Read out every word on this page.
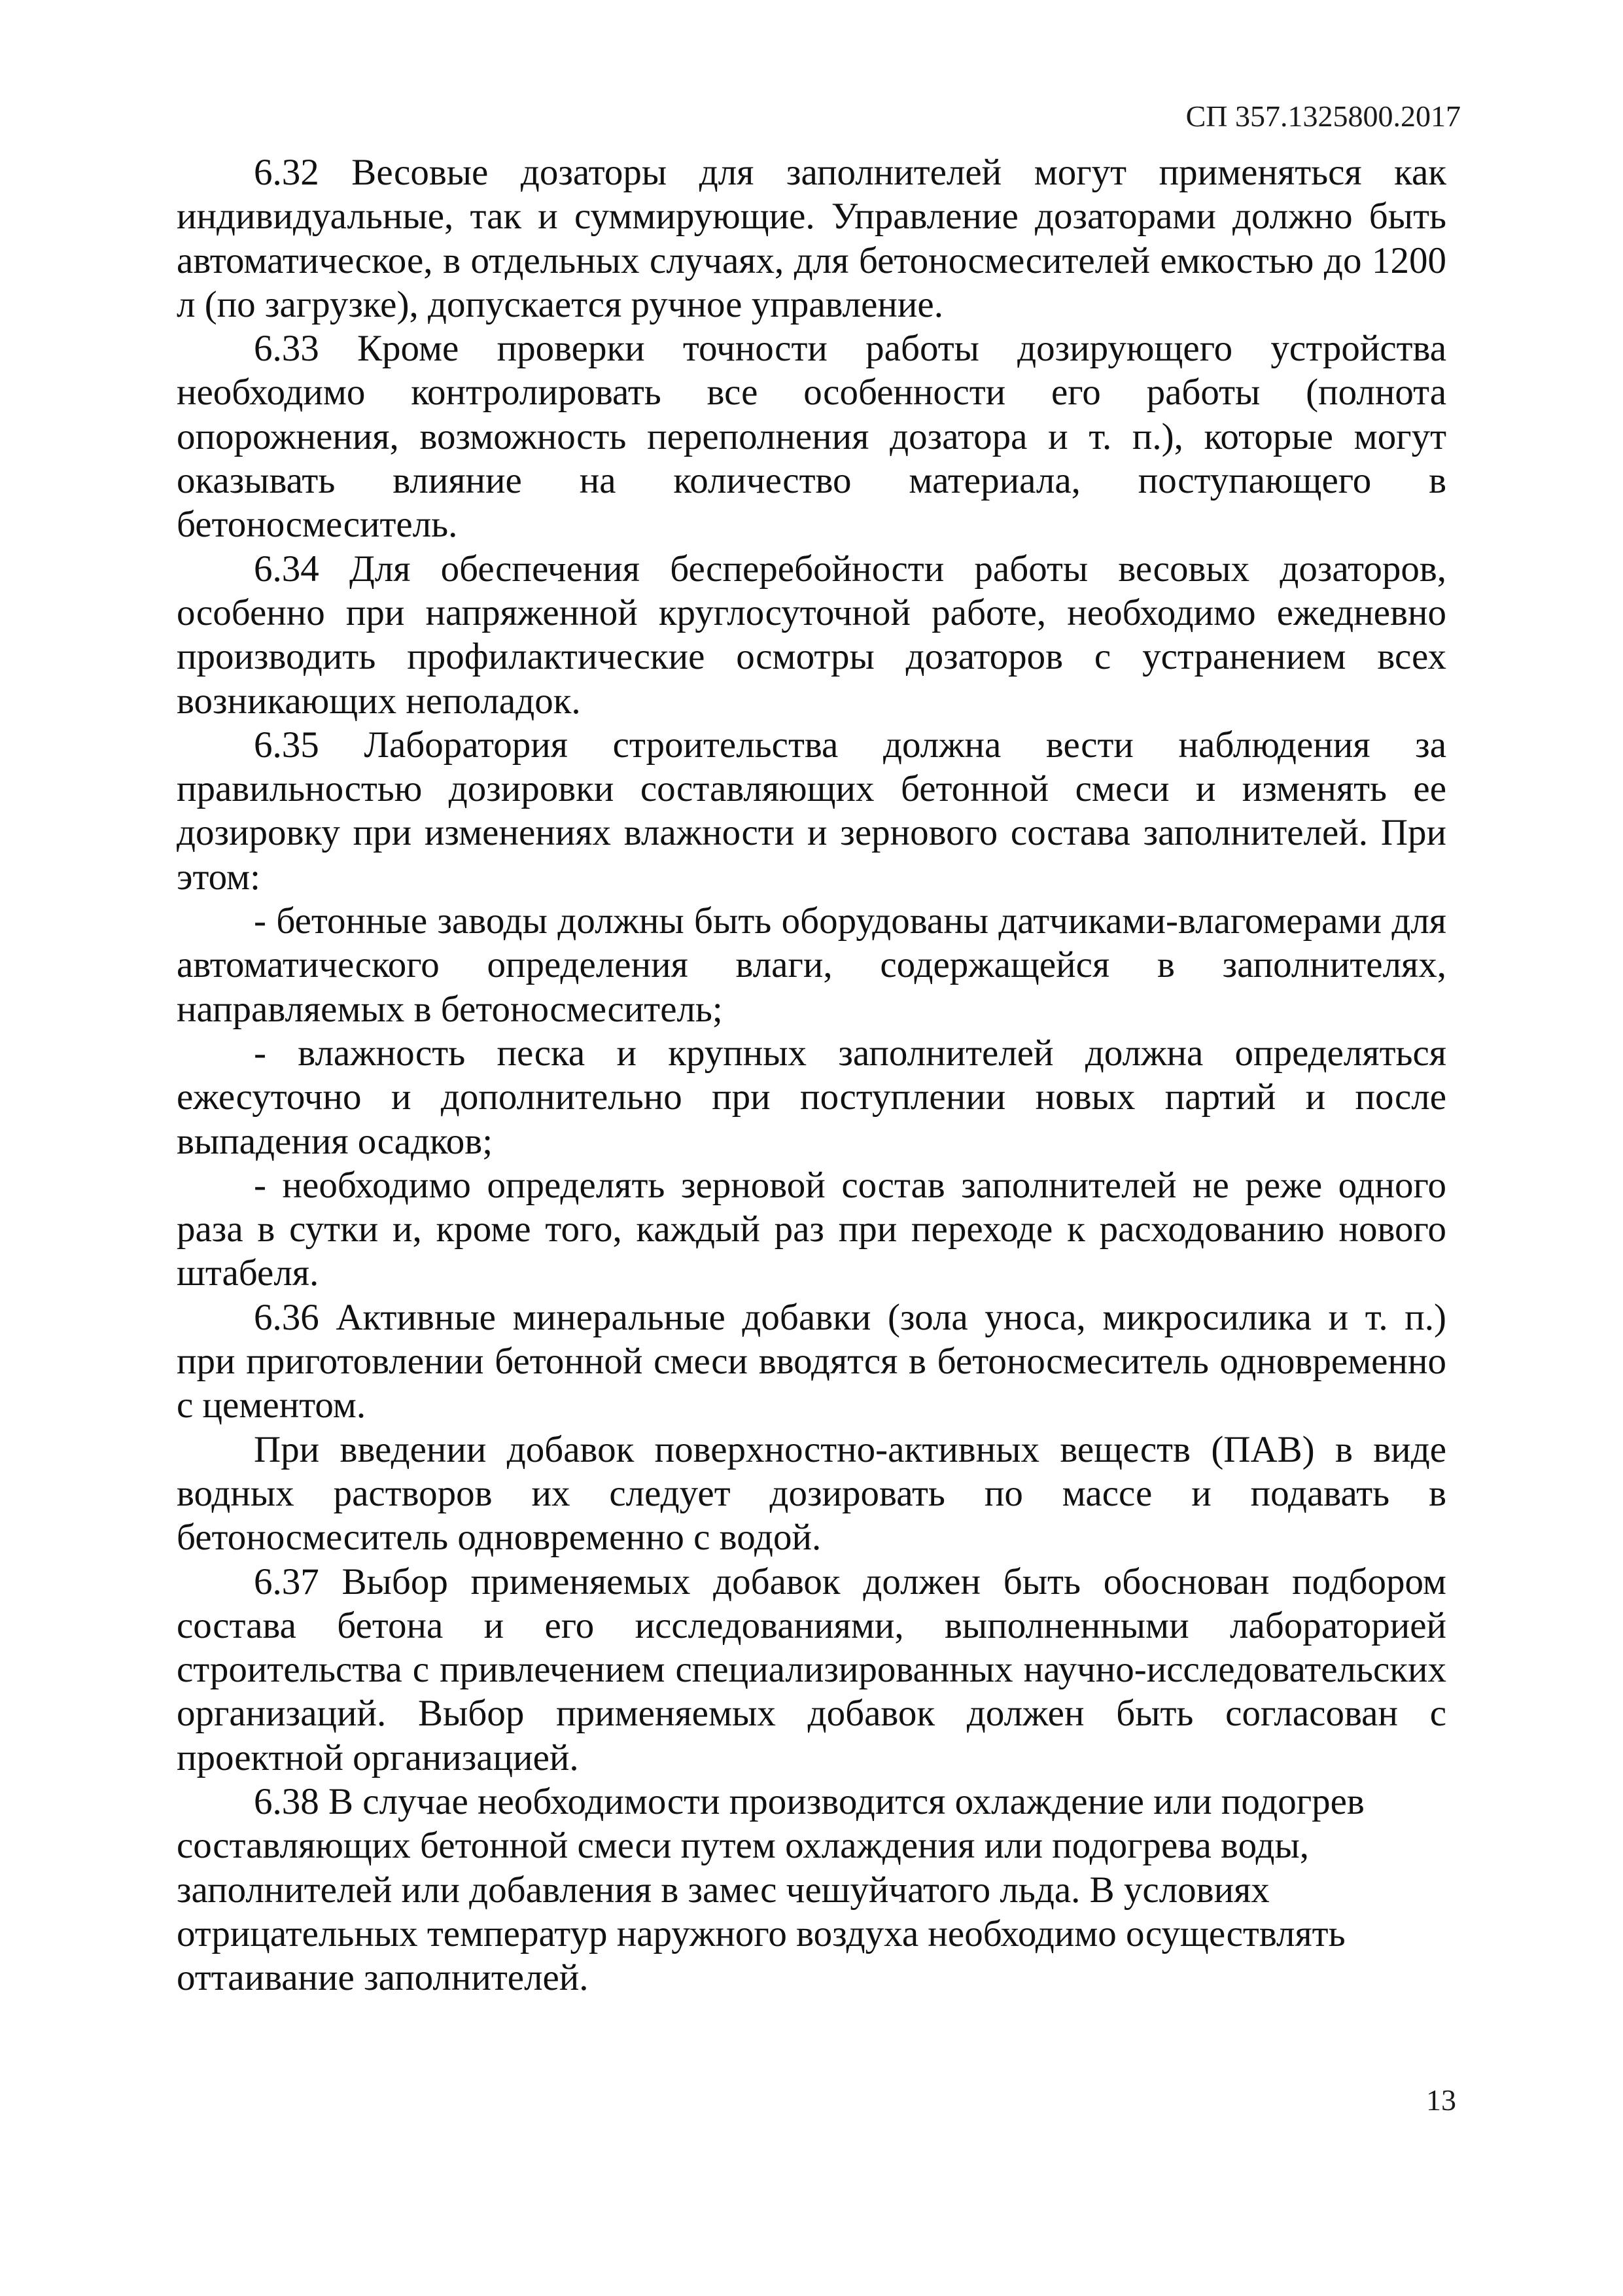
СП 357.1325800.2017

6.32 Весовые дозаторы для заполнителей могут применяться как индивидуальные, так и суммирующие. Управление дозаторами должно быть автоматическое, в отдельных случаях, для бетоносмесителей емкостью до 1200 л (по загрузке), допускается ручное управление.

6.33 Кроме проверки точности работы дозирующего устройства необходимо контролировать все особенности его работы (полнота опорожнения, возможность переполнения дозатора и т. п.), которые могут оказывать влияние на количество материала, поступающего в бетоносмеситель.

6.34 Для обеспечения бесперебойности работы весовых дозаторов, особенно при напряженной круглосуточной работе, необходимо ежедневно производить профилактические осмотры дозаторов с устранением всех возникающих неполадок.

6.35 Лаборатория строительства должна вести наблюдения за правильностью дозировки составляющих бетонной смеси и изменять ее дозировку при изменениях влажности и зернового состава заполнителей. При этом:

- бетонные заводы должны быть оборудованы датчиками-влагомерами для автоматического определения влаги, содержащейся в заполнителях, направляемых в бетоносмеситель;

- влажность песка и крупных заполнителей должна определяться ежесуточно и дополнительно при поступлении новых партий и после выпадения осадков;

- необходимо определять зерновой состав заполнителей не реже одного раза в сутки и, кроме того, каждый раз при переходе к расходованию нового штабеля.

6.36 Активные минеральные добавки (зола уноса, микросилика и т. п.) при приготовлении бетонной смеси вводятся в бетоносмеситель одновременно с цементом.

При введении добавок поверхностно-активных веществ (ПАВ) в виде водных растворов их следует дозировать по массе и подавать в бетоносмеситель одновременно с водой.

6.37 Выбор применяемых добавок должен быть обоснован подбором состава бетона и его исследованиями, выполненными лабораторией строительства с привлечением специализированных научно-исследовательских организаций. Выбор применяемых добавок должен быть согласован с проектной организацией.

6.38 В случае необходимости производится охлаждение или подогрев составляющих бетонной смеси путем охлаждения или подогрева воды, заполнителей или добавления в замес чешуйчатого льда. В условиях отрицательных температур наружного воздуха необходимо осуществлять оттаивание заполнителей.

13
